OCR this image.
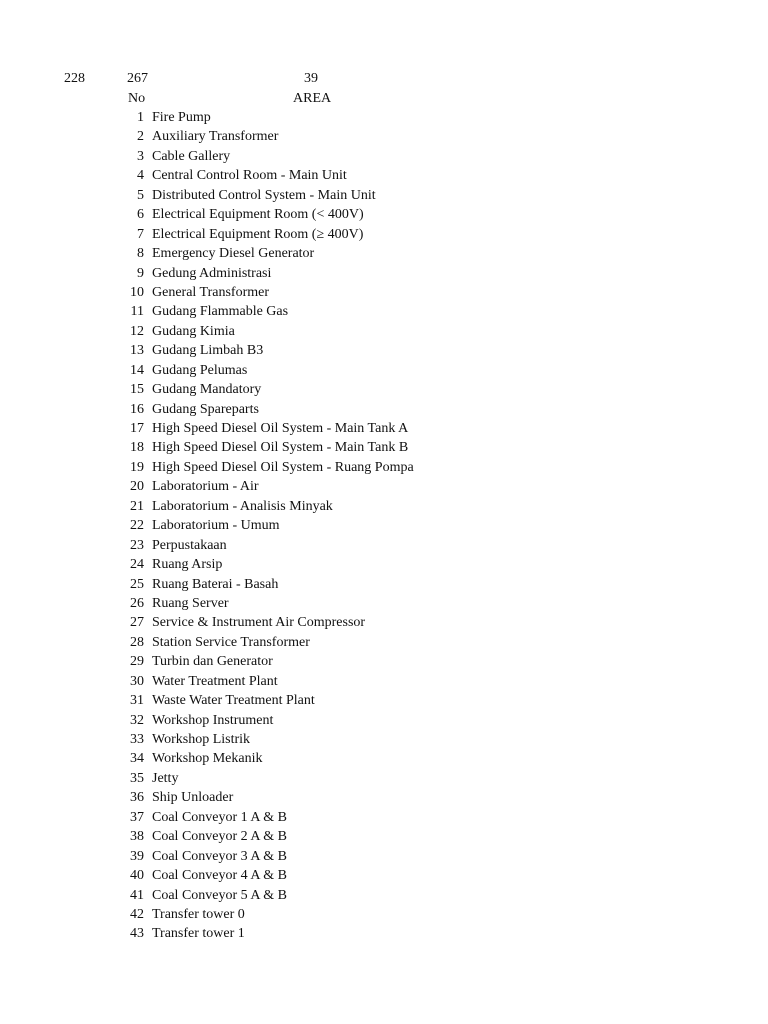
228	267	39
No	AREA
1 Fire Pump
2 Auxiliary Transformer
3 Cable Gallery
4 Central Control Room - Main Unit
5 Distributed Control System - Main Unit
6 Electrical Equipment Room (< 400V)
7 Electrical Equipment Room (≥ 400V)
8 Emergency Diesel Generator
9 Gedung Administrasi
10 General Transformer
11 Gudang Flammable Gas
12 Gudang Kimia
13 Gudang Limbah B3
14 Gudang Pelumas
15 Gudang Mandatory
16 Gudang Spareparts
17 High Speed Diesel Oil System - Main Tank A
18 High Speed Diesel Oil System - Main Tank B
19 High Speed Diesel Oil System - Ruang Pompa
20 Laboratorium - Air
21 Laboratorium - Analisis Minyak
22 Laboratorium - Umum
23 Perpustakaan
24 Ruang Arsip
25 Ruang Baterai - Basah
26 Ruang Server
27 Service & Instrument Air Compressor
28 Station Service Transformer
29 Turbin dan Generator
30 Water Treatment Plant
31 Waste Water Treatment Plant
32 Workshop Instrument
33 Workshop Listrik
34 Workshop Mekanik
35 Jetty
36 Ship Unloader
37 Coal Conveyor 1 A & B
38 Coal Conveyor 2 A & B
39 Coal Conveyor 3 A & B
40 Coal Conveyor 4 A & B
41 Coal Conveyor 5 A & B
42 Transfer tower 0
43 Transfer tower 1
